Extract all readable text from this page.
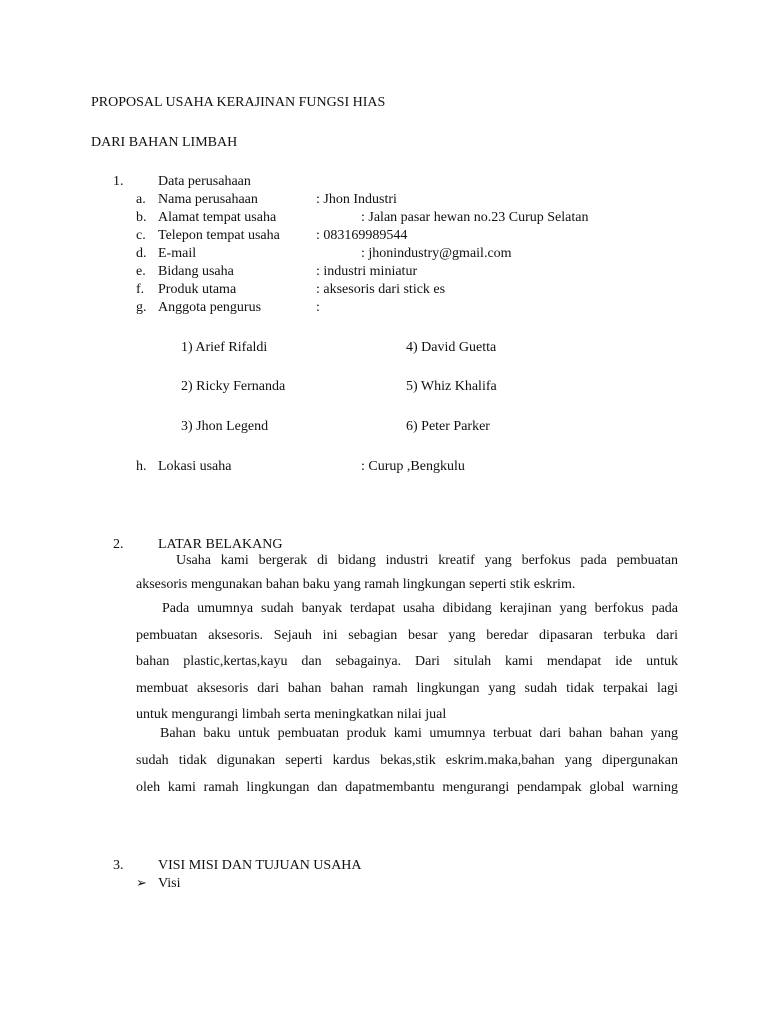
PROPOSAL USAHA KERAJINAN FUNGSI HIAS
DARI BAHAN LIMBAH
1. Data perusahaan
a. Nama perusahaan	: Jhon Industri
b. Alamat tempat usaha	: Jalan pasar hewan no.23 Curup Selatan
c. Telepon tempat usaha	: 083169989544
d. E-mail	: jhonindustry@gmail.com
e. Bidang usaha	: industri miniatur
f. Produk utama	: aksesoris dari stick es
g. Anggota pengurus	:
1) Arief Rifaldi	4) David Guetta
2) Ricky Fernanda	5) Whiz Khalifa
3) Jhon Legend	6) Peter Parker
h. Lokasi usaha	: Curup ,Bengkulu
2. LATAR BELAKANG
Usaha kami bergerak di bidang industri kreatif yang berfokus pada pembuatan
aksesoris mengunakan bahan baku yang ramah lingkungan seperti stik eskrim.
Pada umumnya sudah banyak terdapat usaha dibidang kerajinan yang berfokus pada
pembuatan aksesoris. Sejauh ini sebagian besar yang beredar dipasaran terbuka dari
bahan plastic,kertas,kayu dan sebagainya. Dari situlah kami mendapat ide untuk
membuat aksesoris dari bahan bahan ramah lingkungan yang sudah tidak terpakai lagi
untuk mengurangi limbah serta meningkatkan nilai jual
Bahan baku untuk pembuatan produk kami umumnya terbuat dari bahan bahan yang
sudah tidak digunakan seperti kardus bekas,stik eskrim.maka,bahan yang dipergunakan
oleh kami ramah lingkungan dan dapatmembantu mengurangi pendampak global warning
3. VISI MISI DAN TUJUAN USAHA
➢ Visi
